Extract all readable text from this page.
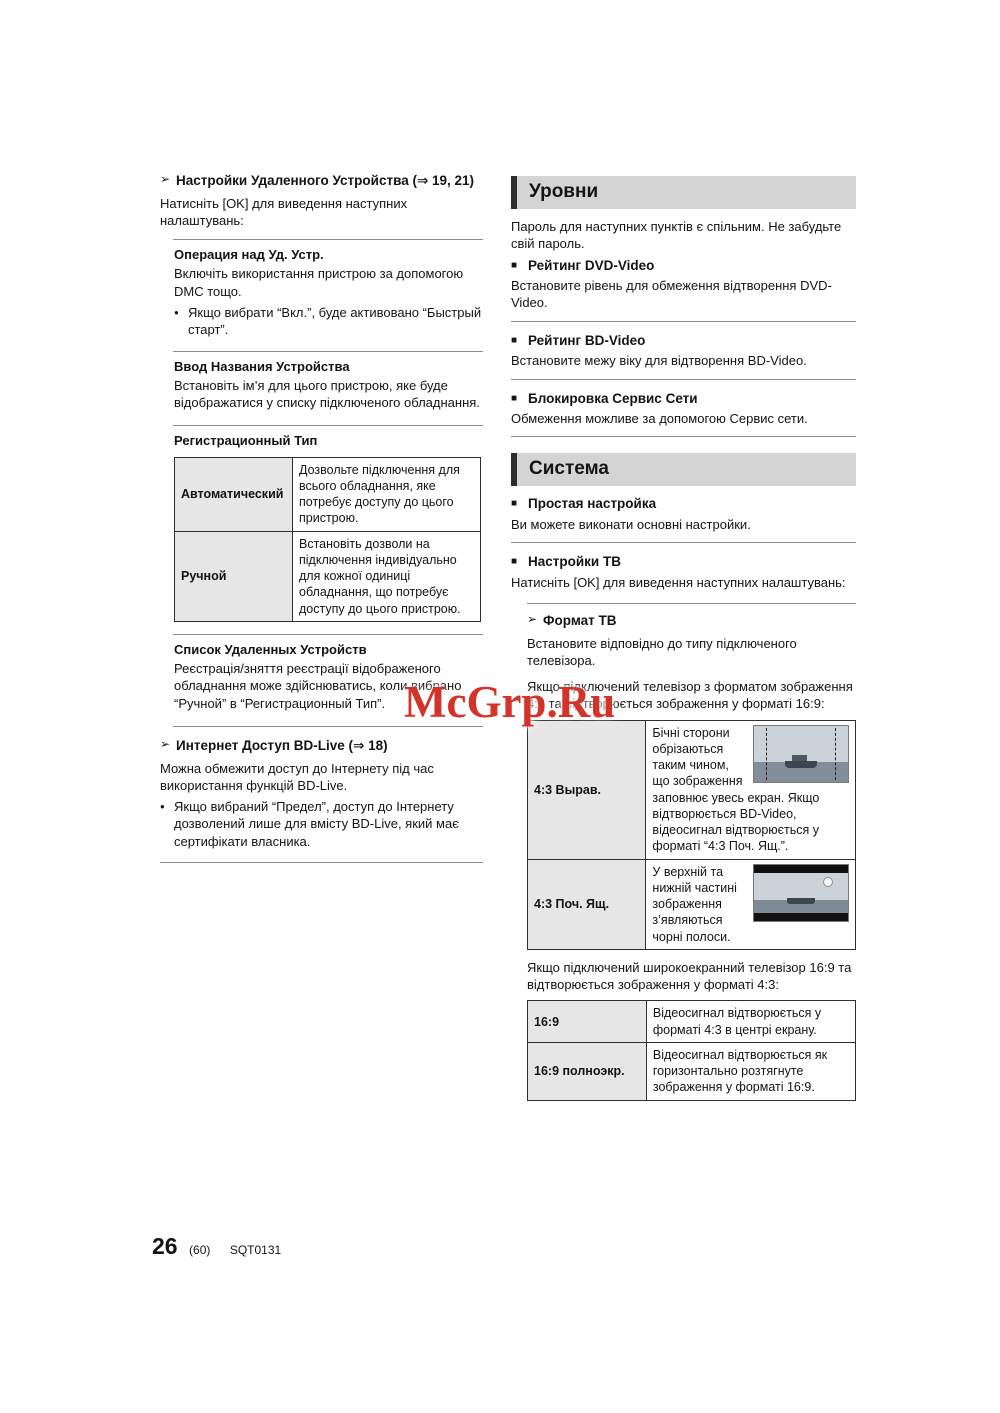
➢ Настройки Удаленного Устройства (⇒ 19, 21)

Натисніть [OK] для виведення наступних налаштувань:

Операция над Уд. Устр.

Включіть використання пристрою за допомогою DMC тощо.

● Якщо вибрати “Вкл.”, буде активовано “Быстрый старт”.

Ввод Названия Устройства

Встановіть ім’я для цього пристрою, яке буде відображатися у списку підключеного обладнання.

Регистрационный Тип

Автоматический	Дозвольте підключення для всього обладнання, яке потребує доступу до цього пристрою.
Ручной	Встановіть дозволи на підключення індивідуально для кожної одиниці обладнання, що потребує доступу до цього пристрою.

Список Удаленных Устройств

Реєстрація/зняття реєстрації відображеного обладнання може здійснюватись, коли вибрано “Ручной” в “Регистрационный Тип”.

➢ Интернет Доступ BD-Live (⇒ 18)

Можна обмежити доступ до Інтернету під час використання функцій BD-Live.

● Якщо вибраний “Предел”, доступ до Інтернету дозволений лише для вмісту BD-Live, який має сертифікати власника.
Уровни

Пароль для наступних пунктів є спільним. Не забудьте свій пароль.

■ Рейтинг DVD-Video

Встановите рівень для обмеження відтворення DVD-Video.

■ Рейтинг BD-Video

Встановите межу віку для відтворення BD-Video.

■ Блокировка Сервис Сети

Обмеження можливе за допомогою Сервис сети.

Система
■ Простая настройка

Ви можете виконати основні настройки.

■ Настройки ТВ

Натисніть [OK] для виведення наступних налаштувань:

➢ Формат ТВ

Встановите відповідно до типу підключеного телевізора.

Якщо підключений телевізор з форматом зображення 4:3 та відтворюється зображення у форматі 16:9:

4:3 Вырав.	Бічні сторони обрізаються таким чином, що зображення заповнює увесь екран. Якщо відтворюється BD-Video, відеосигнал відтворюється у форматі “4:3 Поч. Ящ.”.
4:3 Поч. Ящ.	У верхній та нижній частині зображення з’являються чорні полоси.

Якщо підключений широкоекранний телевізор 16:9 та відтворюється зображення у форматі 4:3:

16:9	Відеосигнал відтворюється у форматі 4:3 в центрі екрану.
16:9 полноэкр.	Відеосигнал відтворюється як горизонтально розтягнуте зображення у форматі 16:9.
McGrp.Ru
26 (60) SQT0131
